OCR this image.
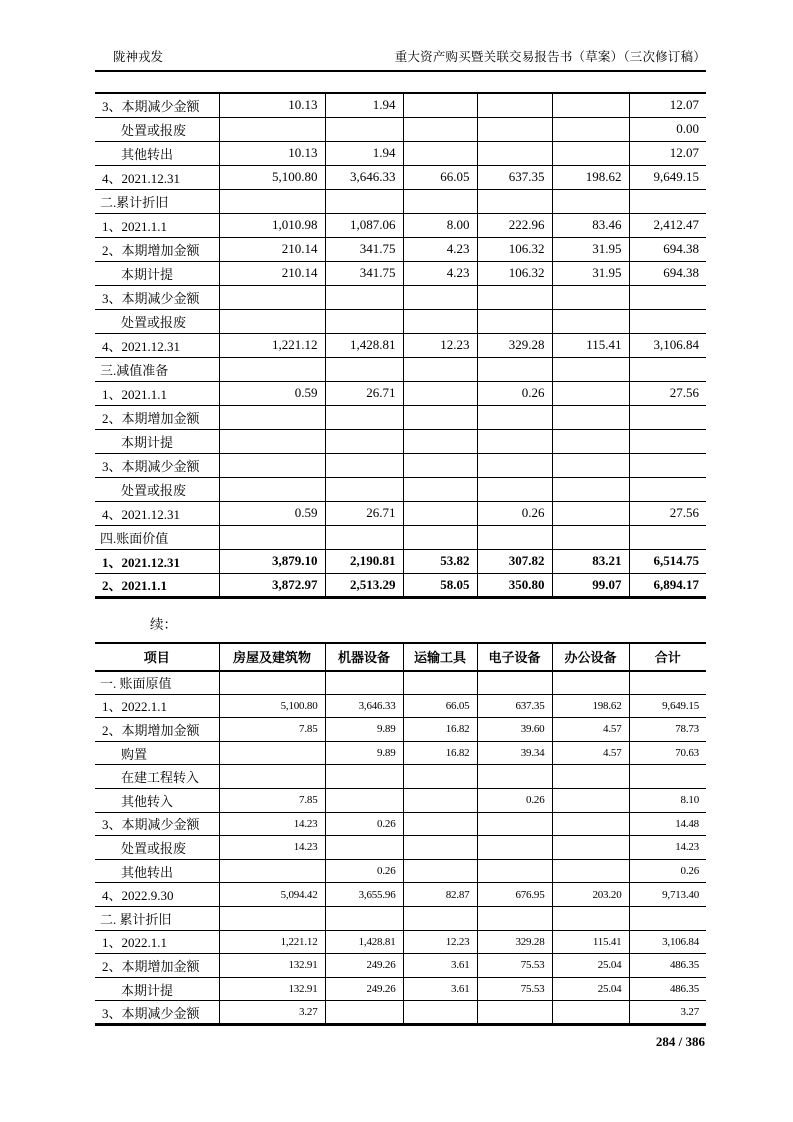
陇神戎发	重大资产购买暨关联交易报告书（草案）（三次修订稿）
3、本期减少金额	10.13	1.94				12.07
处置或报废						0.00
其他转出	10.13	1.94				12.07
4、2021.12.31	5,100.80	3,646.33	66.05	637.35	198.62	9,649.15
二.累计折旧						
1、2021.1.1	1,010.98	1,087.06	8.00	222.96	83.46	2,412.47
2、本期增加金额	210.14	341.75	4.23	106.32	31.95	694.38
本期计提	210.14	341.75	4.23	106.32	31.95	694.38
3、本期减少金额						
处置或报废						
4、2021.12.31	1,221.12	1,428.81	12.23	329.28	115.41	3,106.84
三.减值准备						
1、2021.1.1	0.59	26.71		0.26		27.56
2、本期增加金额						
本期计提						
3、本期减少金额						
处置或报废						
4、2021.12.31	0.59	26.71		0.26		27.56
四.账面价值						
1、2021.12.31	3,879.10	2,190.81	53.82	307.82	83.21	6,514.75
2、2021.1.1	3,872.97	2,513.29	58.05	350.80	99.07	6,894.17
续：
项目	房屋及建筑物	机器设备	运输工具	电子设备	办公设备	合计
一. 账面原值						
1、2022.1.1	5,100.80	3,646.33	66.05	637.35	198.62	9,649.15
2、本期增加金额	7.85	9.89	16.82	39.60	4.57	78.73
购置		9.89	16.82	39.34	4.57	70.63
在建工程转入						
其他转入	7.85			0.26		8.10
3、本期减少金额	14.23	0.26				14.48
处置或报废	14.23					14.23
其他转出		0.26				0.26
4、2022.9.30	5,094.42	3,655.96	82.87	676.95	203.20	9,713.40
二. 累计折旧						
1、2022.1.1	1,221.12	1,428.81	12.23	329.28	115.41	3,106.84
2、本期增加金额	132.91	249.26	3.61	75.53	25.04	486.35
本期计提	132.91	249.26	3.61	75.53	25.04	486.35
3、本期减少金额	3.27					3.27
284 / 386
